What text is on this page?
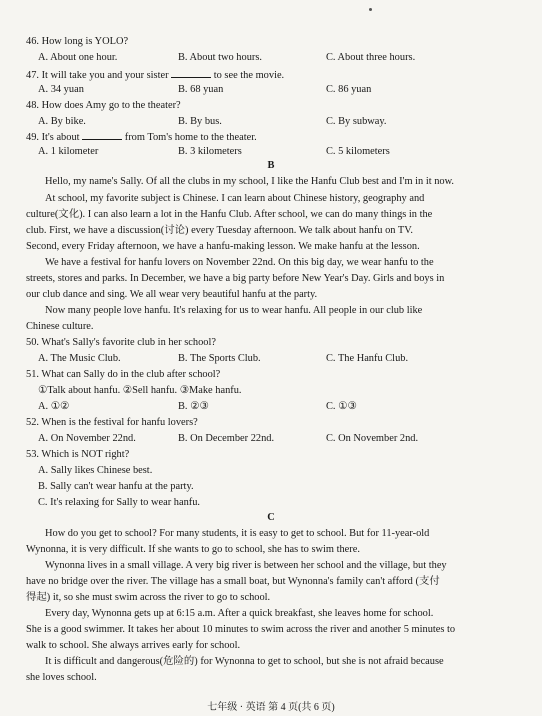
46. How long is YOLO?
A. About one hour.	B. About two hours.	C. About three hours.
47. It will take you and your sister	to see the movie.
A. 34 yuan	B. 68 yuan	C. 86 yuan
48. How does Amy go to the theater?
A. By bike.	B. By bus.	C. By subway.
49. It's about	from Tom's home to the theater.
A. 1 kilometer	B. 3 kilometers	C. 5 kilometers
B
Hello, my name's Sally. Of all the clubs in my school, I like the Hanfu Club best and I'm in it now.
At school, my favorite subject is Chinese. I can learn about Chinese history, geography and
culture(文化). I can also learn a lot in the Hanfu Club. After school, we can do many things in the
club. First, we have a discussion(讨论) every Tuesday afternoon. We talk about hanfu on TV.
Second, every Friday afternoon, we have a hanfu-making lesson. We make hanfu at the lesson.
We have a festival for hanfu lovers on November 22nd. On this big day, we wear hanfu to the
streets, stores and parks. In December, we have a big party before New Year's Day. Girls and boys in
our club dance and sing. We all wear very beautiful hanfu at the party.
Now many people love hanfu. It's relaxing for us to wear hanfu. All people in our club like
Chinese culture.
50. What's Sally's favorite club in her school?
A. The Music Club.	B. The Sports Club.	C. The Hanfu Club.
51. What can Sally do in the club after school?
①Talk about hanfu. ②Sell hanfu. ③Make hanfu.
A. ①②	B. ②③	C. ①③
52. When is the festival for hanfu lovers?
A. On November 22nd.	B. On December 22nd.	C. On November 2nd.
53. Which is NOT right?
A. Sally likes Chinese best.
B. Sally can't wear hanfu at the party.
C. It's relaxing for Sally to wear hanfu.
C
How do you get to school? For many students, it is easy to get to school. But for 11-year-old
Wynonna, it is very difficult. If she wants to go to school, she has to swim there.
Wynonna lives in a small village. A very big river is between her school and the village, but they
have no bridge over the river. The village has a small boat, but Wynonna's family can't afford (支付
得起) it, so she must swim across the river to go to school.
Every day, Wynonna gets up at 6:15 a.m. After a quick breakfast, she leaves home for school.
She is a good swimmer. It takes her about 10 minutes to swim across the river and another 5 minutes to
walk to school. She always arrives early for school.
It is difficult and dangerous(危险的) for Wynonna to get to school, but she is not afraid because
she loves school.
七年级 · 英语 第 4 页(共 6 页)
